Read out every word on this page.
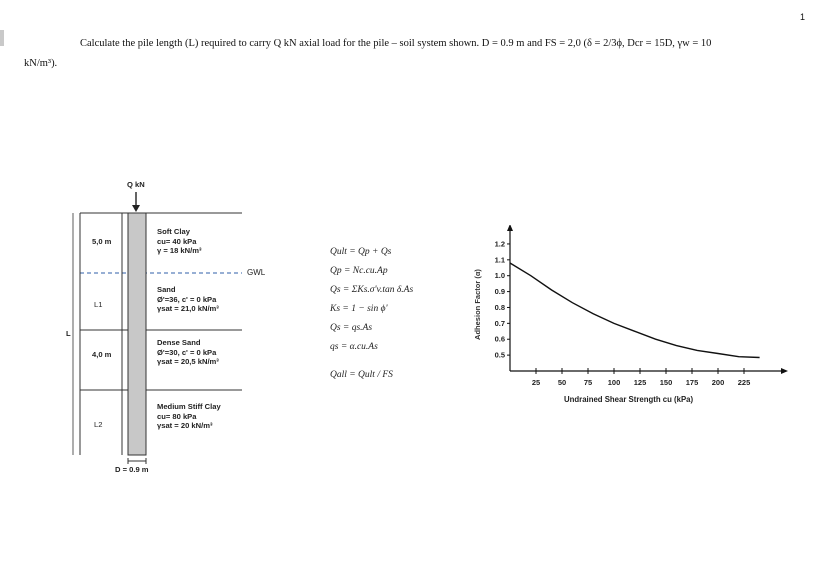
1
Calculate the pile length (L) required to carry Q kN axial load for the pile – soil system shown. D = 0.9 m and FS = 2,0 (δ = 2/3ϕ, Dcr = 15D, γw = 10
kN/m³).
Q kN
GWL
L
D = 0.9 m
5,0 m
L1
4,0 m
L2
Soft Clay
cu= 40 kPa
γ = 18 kN/m³
Sand
Ø'=36, c' = 0 kPa
γsat = 21,0 kN/m³
Dense Sand
Ø'=30, c' = 0 kPa
γsat = 20,5 kN/m³
Medium Stiff Clay
cu= 80 kPa
γsat = 20 kN/m³
Qult = Qp + Qs
Qp = Nc.cu.Ap
Qs = ΣKs.σ'v.tan δ.As
Ks = 1 − sin ϕ'
Qs = qs.As
qs = α.cu.As
Qall = Qult / FS
Adhesion Factor (α)
Undrained Shear Strength cu (kPa)
25 50 75 100 125 150 175 200 225
0.5
0.6
0.7
0.8
0.9
1.0
1.1
1.2
